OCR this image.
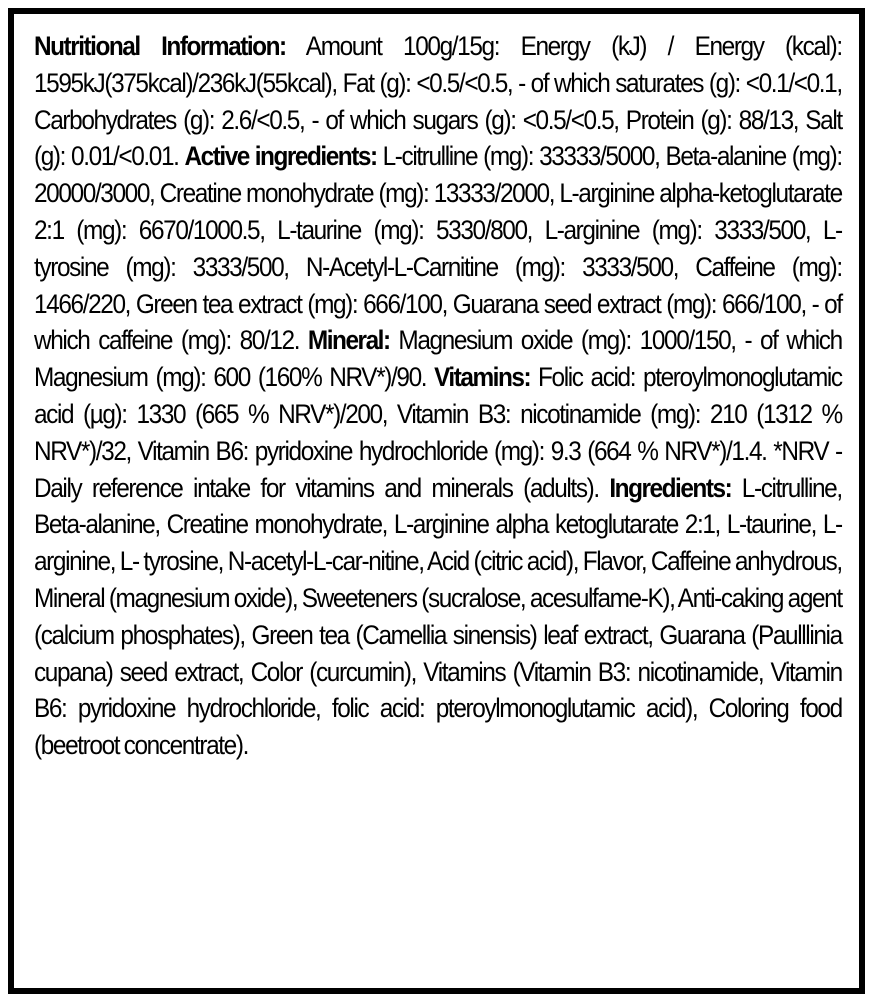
Nutritional Information: Amount 100g/15g: Energy (kJ) / Energy (kcal): 1595kJ(375kcal)/236kJ(55kcal), Fat (g): <0.5/<0.5, - of which saturates (g): <0.1/<0.1, Carbohydrates (g): 2.6/<0.5, - of which sugars (g): <0.5/<0.5, Protein (g): 88/13, Salt (g): 0.01/<0.01. Active ingredients: L-citrulline (mg): 33333/5000, Beta-alanine (mg): 20000/3000, Creatine monohydrate (mg): 13333/2000, L-arginine alpha-ketoglutarate 2:1 (mg): 6670/1000.5, L-taurine (mg): 5330/800, L-arginine (mg): 3333/500, L- tyrosine (mg): 3333/500, N-Acetyl-L-Carnitine (mg): 3333/500, Caffeine (mg): 1466/220, Green tea extract (mg): 666/100, Guarana seed extract (mg): 666/100, - of which caffeine (mg): 80/12. Mineral: Magnesium oxide (mg): 1000/150, - of which Magnesium (mg): 600 (160% NRV*)/90. Vitamins: Folic acid: pteroylmonoglutamic acid (µg): 1330 (665 % NRV*)/200, Vitamin B3: nicotinamide (mg): 210 (1312 % NRV*)/32, Vitamin B6: pyridoxine hydrochloride (mg): 9.3 (664 % NRV*)/1.4. *NRV - Daily reference intake for vitamins and minerals (adults). Ingredients: L-citrulline, Beta-alanine, Creatine monohydrate, L-arginine alpha ketoglutarate 2:1, L-taurine, L-arginine, L- tyrosine, N-acetyl-L-car-nitine, Acid (citric acid), Flavor, Caffeine anhydrous, Mineral (magnesium oxide), Sweeteners (sucralose, acesulfame-K), Anti-caking agent (calcium phosphates), Green tea (Camellia sinensis) leaf extract, Guarana (Paulllinia cupana) seed extract, Color (curcumin), Vitamins (Vitamin B3: nicotinamide, Vitamin B6: pyridoxine hydrochloride, folic acid: pteroylmonoglutamic acid), Coloring food (beetroot concentrate).
